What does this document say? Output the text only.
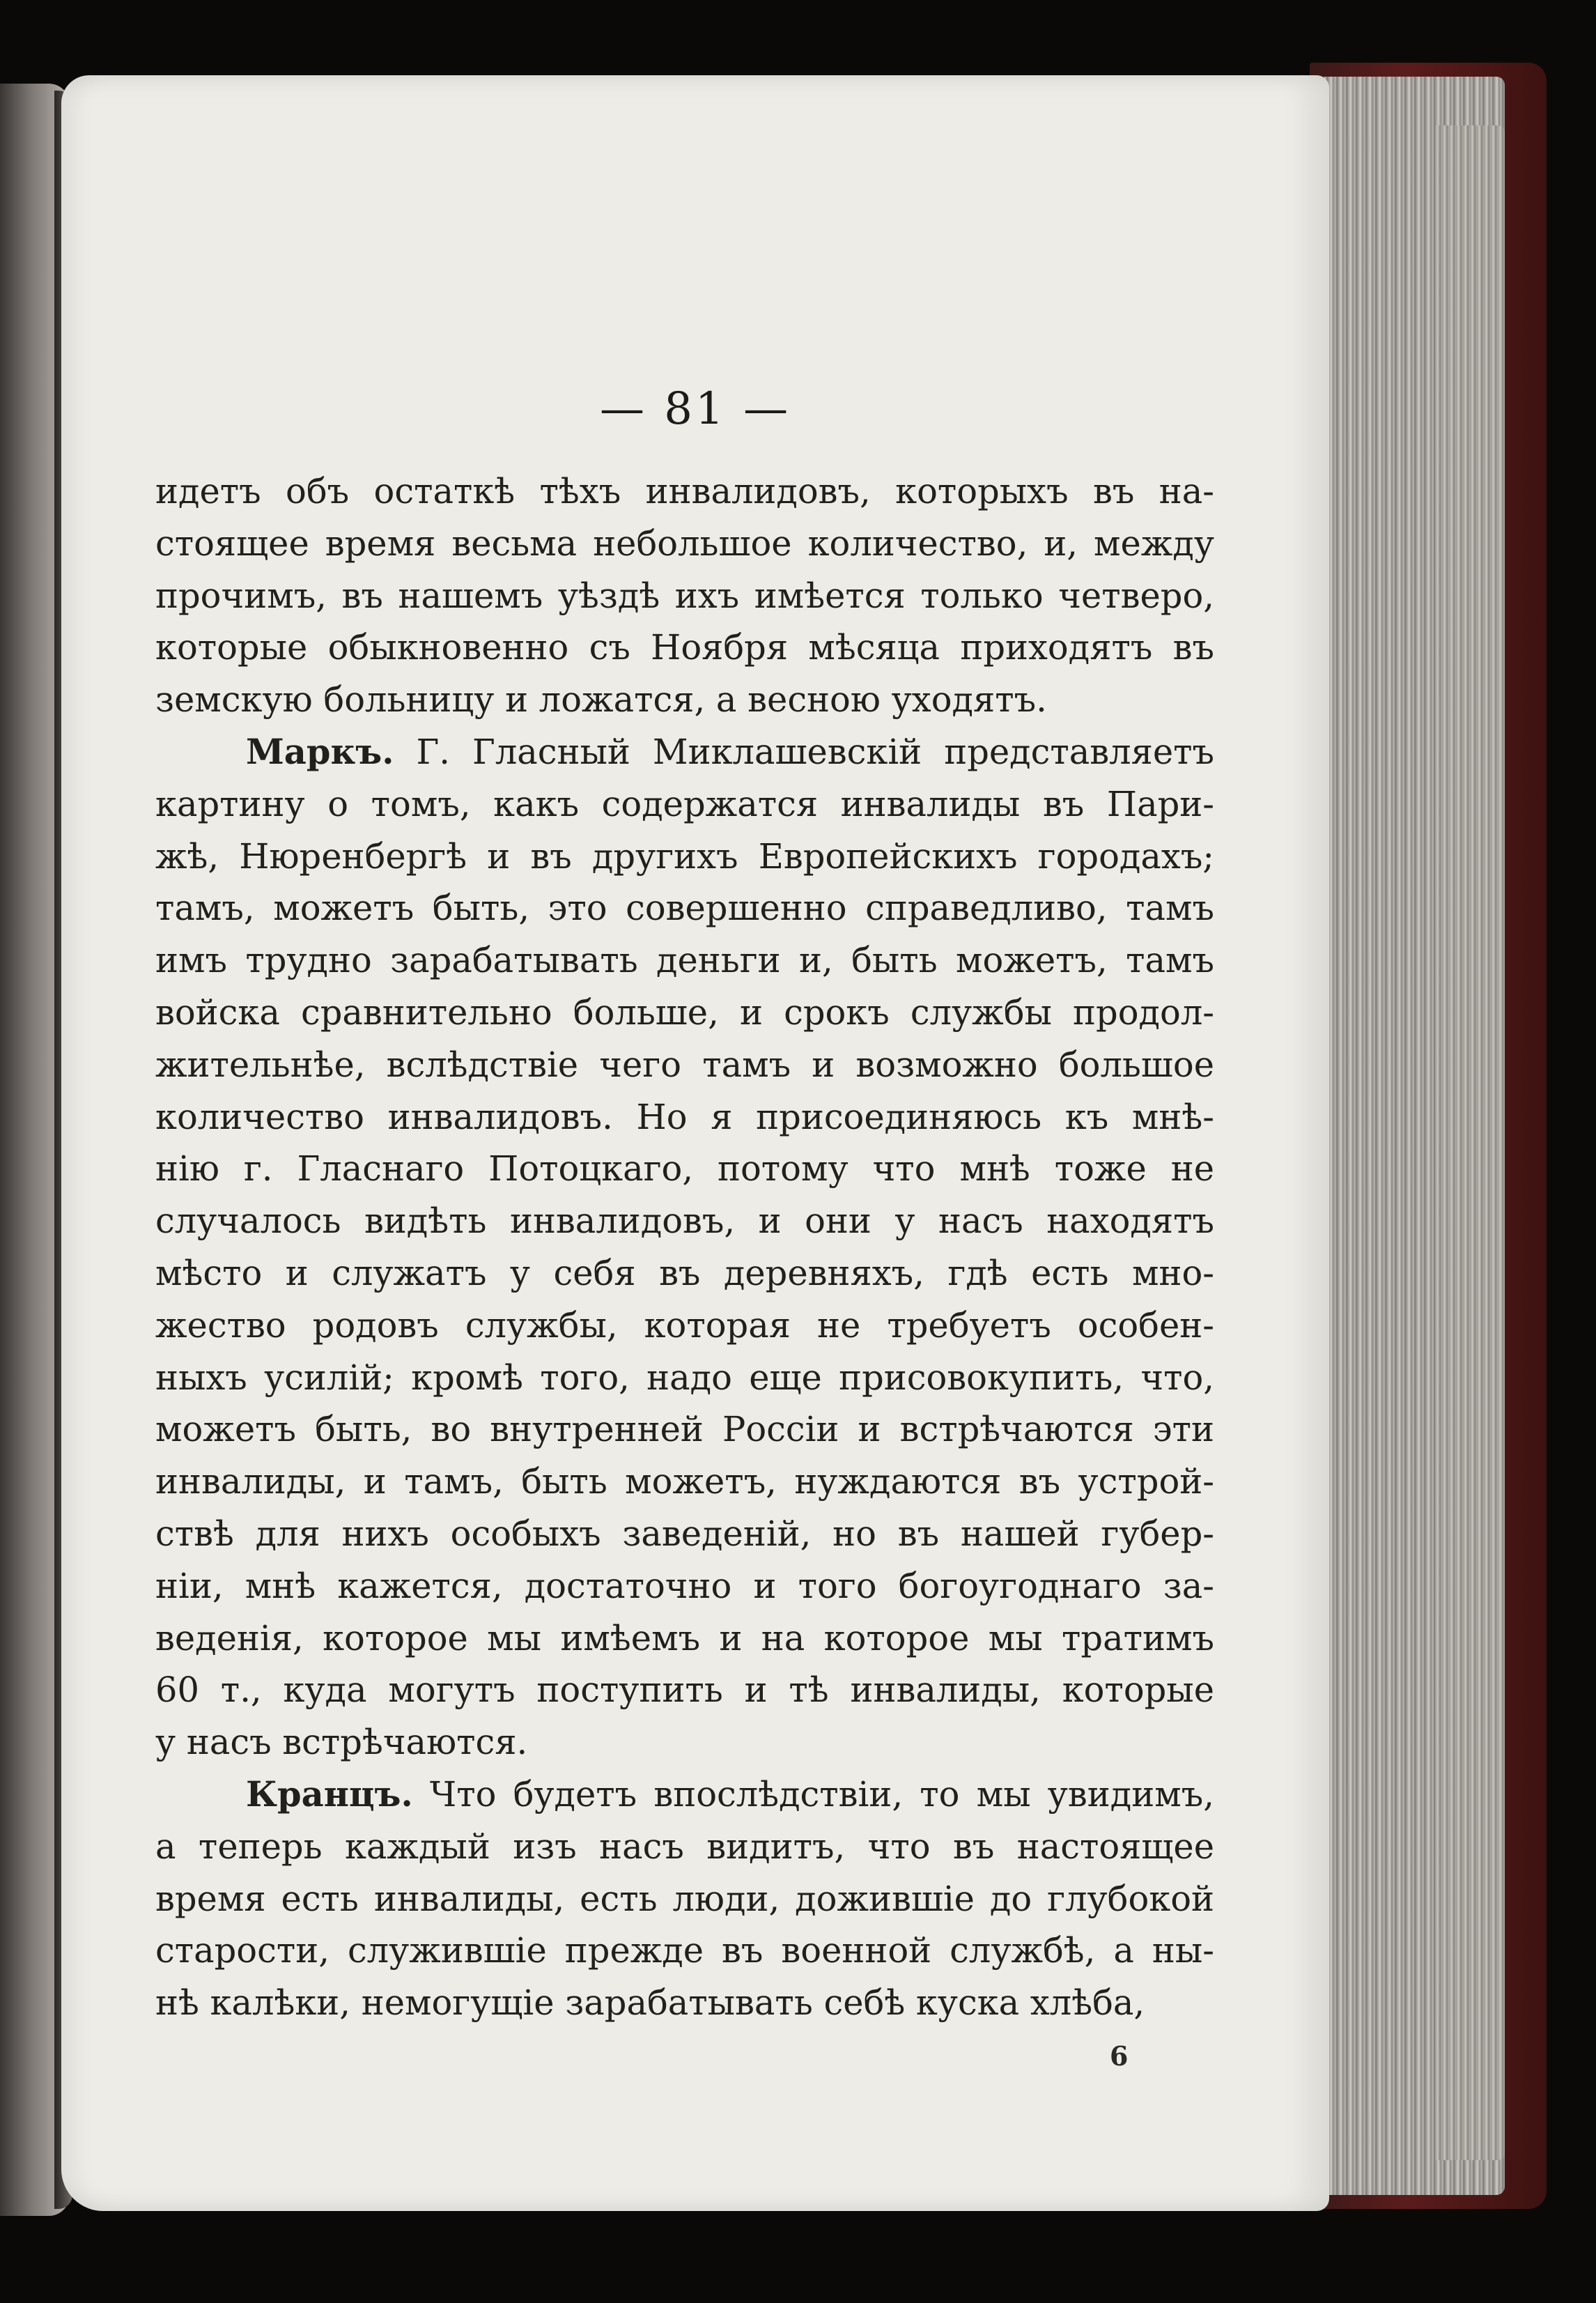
— 81 —
идетъ объ остаткѣ тѣхъ инвалидовъ, которыхъ въ на-
стоящее время весьма небольшое количество, и, между
прочимъ, въ нашемъ уѣздѣ ихъ имѣется только четверо,
которые обыкновенно съ Ноября мѣсяца приходятъ въ
земскую больницу и ложатся, а весною уходятъ.
Маркъ. Г. Гласный Миклашевскій представляетъ
картину о томъ, какъ содержатся инвалиды въ Пари-
жѣ, Нюренбергѣ и въ другихъ Европейскихъ городахъ;
тамъ, можетъ быть, это совершенно справедливо, тамъ
имъ трудно зарабатывать деньги и, быть можетъ, тамъ
войска сравнительно больше, и срокъ службы продол-
жительнѣе, вслѣдствіе чего тамъ и возможно большое
количество инвалидовъ. Но я присоединяюсь къ мнѣ-
нію г. Гласнаго Потоцкаго, потому что мнѣ тоже не
случалось видѣть инвалидовъ, и они у насъ находятъ
мѣсто и служатъ у себя въ деревняхъ, гдѣ есть мно-
жество родовъ службы, которая не требуетъ особен-
ныхъ усилій; кромѣ того, надо еще присовокупить, что,
можетъ быть, во внутренней Россіи и встрѣчаются эти
инвалиды, и тамъ, быть можетъ, нуждаются въ устрой-
ствѣ для нихъ особыхъ заведеній, но въ нашей губер-
ніи, мнѣ кажется, достаточно и того богоугоднаго за-
веденія, которое мы имѣемъ и на которое мы тратимъ
60 т., куда могутъ поступить и тѣ инвалиды, которые
у насъ встрѣчаются.
Кранцъ. Что будетъ впослѣдствіи, то мы увидимъ,
а теперь каждый изъ насъ видитъ, что въ настоящее
время есть инвалиды, есть люди, дожившіе до глубокой
старости, служившіе прежде въ военной службѣ, а ны-
нѣ калѣки, немогущіе зарабатывать себѣ куска хлѣба,
6
